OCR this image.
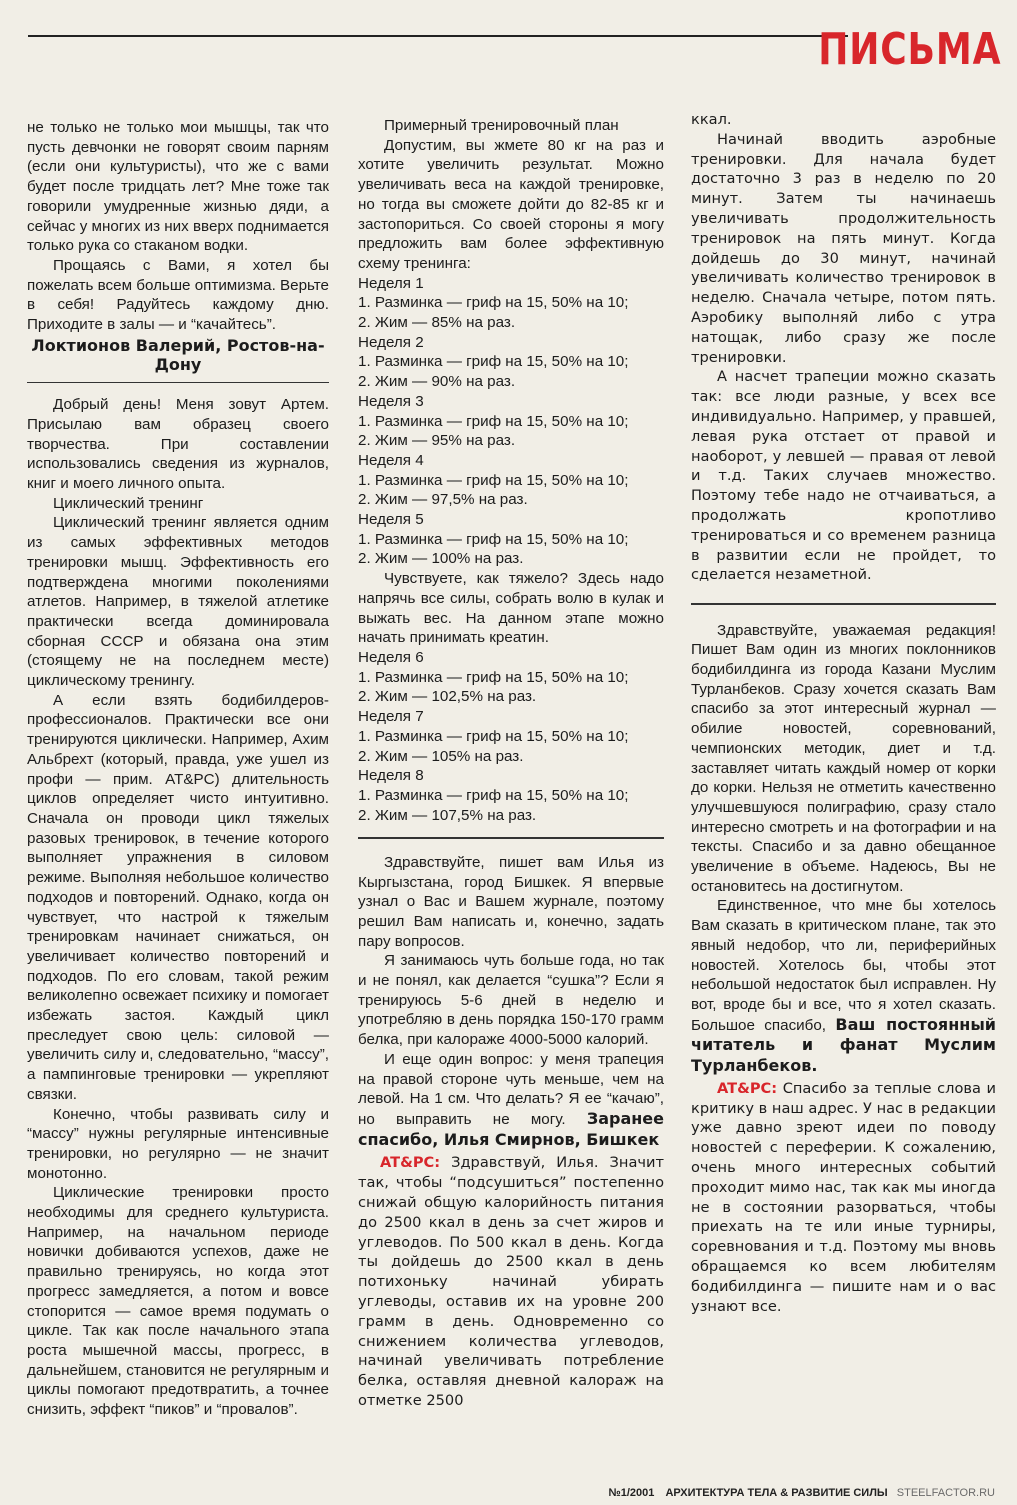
ПИСЬМА

не только не только мои мышцы, так что пусть девчонки не говорят своим парням (если они культуристы), что же с вами будет после тридцать лет? Мне тоже так говорили умудренные жизнью дяди, а сейчас у многих из них вверх поднимается только рука со стаканом водки.

Прощаясь с Вами, я хотел бы пожелать всем больше оптимизма. Верьте в себя! Радуйтесь каждому дню. Приходите в залы — и “качайтесь”.

Локтионов Валерий, Ростов-на-Дону

Добрый день! Меня зовут Артем. Присылаю вам образец своего творчества. При составлении использовались сведения из журналов, книг и моего личного опыта.

Циклический тренинг

Циклический тренинг является одним из самых эффективных методов тренировки мышц. Эффективность его подтверждена многими поколениями атлетов. Например, в тяжелой атлетике практически всегда доминировала сборная СССР и обязана она этим (стоящему не на последнем месте) циклическому тренингу.

А если взять бодибилдеров-профессионалов. Практически все они тренируются циклически. Например, Ахим Альбрехт (который, правда, уже ушел из профи — прим. AT&PC) длительность циклов определяет чисто интуитивно. Сначала он проводи цикл тяжелых разовых тренировок, в течение которого выполняет упражнения в силовом режиме. Выполняя небольшое количество подходов и повторений. Однако, когда он чувствует, что настрой к тяжелым тренировкам начинает снижаться, он увеличивает количество повторений и подходов. По его словам, такой режим великолепно освежает психику и помогает избежать застоя. Каждый цикл преследует свою цель: силовой — увеличить силу и, следовательно, “массу”, а пампинговые тренировки — укрепляют связки.

Конечно, чтобы развивать силу и “массу” нужны регулярные интенсивные тренировки, но регулярно — не значит монотонно.

Циклические тренировки просто необходимы для среднего культуриста. Например, на начальном периоде новички добиваются успехов, даже не правильно тренируясь, но когда этот прогресс замедляется, а потом и вовсе стопорится — самое время подумать о цикле. Так как после начального этапа роста мышечной массы, прогресс, в дальнейшем, становится не регулярным и циклы помогают предотвратить, а точнее снизить, эффект “пиков” и “провалов”.

Примерный тренировочный план

Допустим, вы жмете 80 кг на раз и хотите увеличить результат. Можно увеличивать веса на каждой тренировке, но тогда вы сможете дойти до 82-85 кг и застопориться. Со своей стороны я могу предложить вам более эффективную схему тренинга:

Неделя 1

1. Разминка — гриф на 15, 50% на 10;

2. Жим — 85% на раз.

Неделя 2

1. Разминка — гриф на 15, 50% на 10;

2. Жим — 90% на раз.

Неделя 3

1. Разминка — гриф на 15, 50% на 10;

2. Жим — 95% на раз.

Неделя 4

1. Разминка — гриф на 15, 50% на 10;

2. Жим — 97,5% на раз.

Неделя 5

1. Разминка — гриф на 15, 50% на 10;

2. Жим — 100% на раз.

Чувствуете, как тяжело? Здесь надо напрячь все силы, собрать волю в кулак и выжать вес. На данном этапе можно начать принимать креатин.

Неделя 6

1. Разминка — гриф на 15, 50% на 10;

2. Жим — 102,5% на раз.

Неделя 7

1. Разминка — гриф на 15, 50% на 10;

2. Жим — 105% на раз.

Неделя 8

1. Разминка — гриф на 15, 50% на 10;

2. Жим — 107,5% на раз.

Здравствуйте, пишет вам Илья из Кыргызстана, город Бишкек. Я впервые узнал о Вас и Вашем журнале, поэтому решил Вам написать и, конечно, задать пару вопросов.

Я занимаюсь чуть больше года, но так и не понял, как делается “сушка”? Если я тренируюсь 5-6 дней в неделю и употребляю в день порядка 150-170 грамм белка, при калораже 4000-5000 калорий.

И еще один вопрос: у меня трапеция на правой стороне чуть меньше, чем на левой. На 1 см. Что делать? Я ее “качаю”, но выправить не могу. Заранее спасибо, Илья Смирнов, Бишкек

AT&PC: Здравствуй, Илья. Значит так, чтобы “подсушиться” постепенно снижай общую калорийность питания до 2500 ккал в день за счет жиров и углеводов. По 500 ккал в день. Когда ты дойдешь до 2500 ккал в день потихоньку начинай убирать углеводы, оставив их на уровне 200 грамм в день. Одновременно со снижением количества углеводов, начинай увеличивать потребление белка, оставляя дневной калораж на отметке 2500

ккал.

Начинай вводить аэробные тренировки. Для начала будет достаточно 3 раз в неделю по 20 минут. Затем ты начинаешь увеличивать продолжительность тренировок на пять минут. Когда дойдешь до 30 минут, начинай увеличивать количество тренировок в неделю. Сначала четыре, потом пять. Аэробику выполняй либо с утра натощак, либо сразу же после тренировки.

А насчет трапеции можно сказать так: все люди разные, у всех все индивидуально. Например, у правшей, левая рука отстает от правой и наоборот, у левшей — правая от левой и т.д. Таких случаев множество. Поэтому тебе надо не отчаиваться, а продолжать кропотливо тренироваться и со временем разница в развитии если не пройдет, то сделается незаметной.

Здравствуйте, уважаемая редакция! Пишет Вам один из многих поклонников бодибилдинга из города Казани Муслим Турланбеков. Сразу хочется сказать Вам спасибо за этот интересный журнал — обилие новостей, соревнований, чемпионских методик, диет и т.д. заставляет читать каждый номер от корки до корки. Нельзя не отметить качественно улучшевшуюся полиграфию, сразу стало интересно смотреть и на фотографии и на тексты. Спасибо и за давно обещанное увеличение в объеме. Надеюсь, Вы не остановитесь на достигнутом.

Единственное, что мне бы хотелось Вам сказать в критическом плане, так это явный недобор, что ли, периферийных новостей. Хотелось бы, чтобы этот небольшой недостаток был исправлен. Ну вот, вроде бы и все, что я хотел сказать. Большое спасибо, Ваш постоянный читатель и фанат Муслим Турланбеков.

AT&PC: Спасибо за теплые слова и критику в наш адрес. У нас в редакции уже давно зреют идеи по поводу новостей с переферии. К сожалению, очень много интересных событий проходит мимо нас, так как мы иногда не в состоянии разорваться, чтобы приехать на те или иные турниры, соревнования и т.д. Поэтому мы вновь обращаемся ко всем любителям бодибилдинга — пишите нам и о вас узнают все.

№1/2001 АРХИТЕКТУРА ТЕЛА & РАЗВИТИЕ СИЛЫ STEELFACTOR.RU
